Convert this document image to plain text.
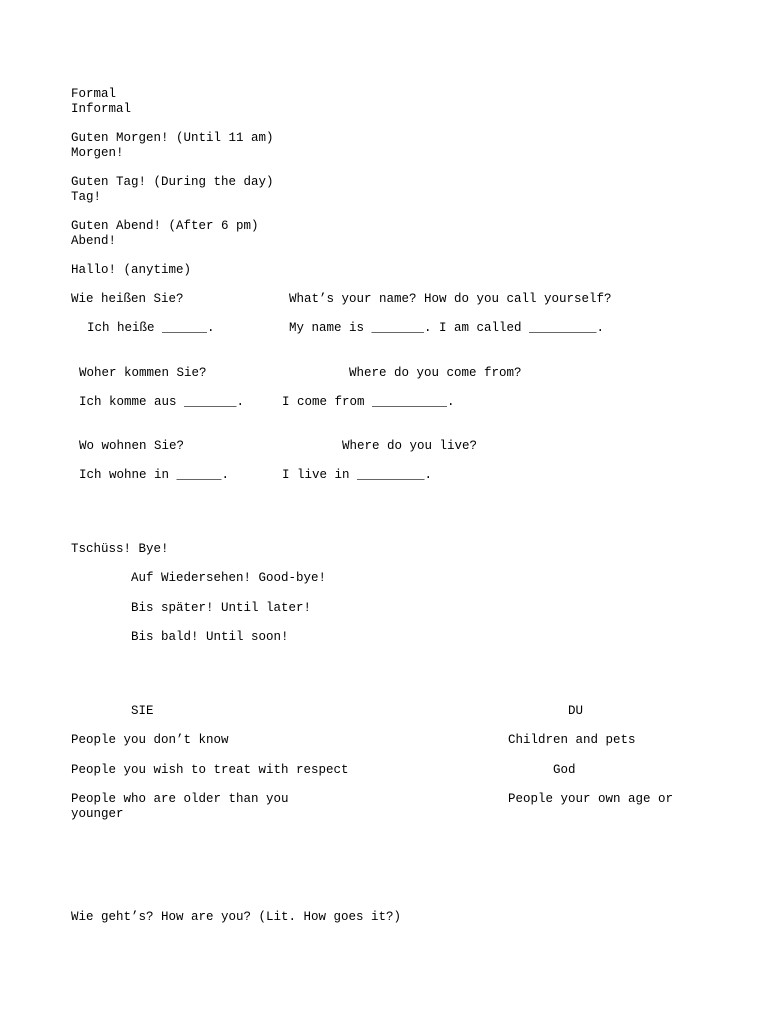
Formal

Informal

Guten Morgen! (Until 11 am)

Morgen!

Guten Tag! (During the day)

Tag!

Guten Abend! (After 6 pm)

Abend!

Hallo! (anytime)

Wie heißen Sie?	What’s your name? How do you call yourself?

Ich heiße ______.	My name is _______. I am called _________.

Woher kommen Sie?	Where do you come from?

Ich komme aus _______.	I come from __________.

Wo wohnen Sie?	Where do you live?

Ich wohne in ______.	I live in _________.

Tschüss! Bye!

Auf Wiedersehen! Good-bye!

Bis später! Until later!

Bis bald! Until soon!

SIE	DU

People you don’t know	Children and pets

People you wish to treat with respect	God

People who are older than you	People your own age or

younger

Wie geht’s? How are you? (Lit. How goes it?)
